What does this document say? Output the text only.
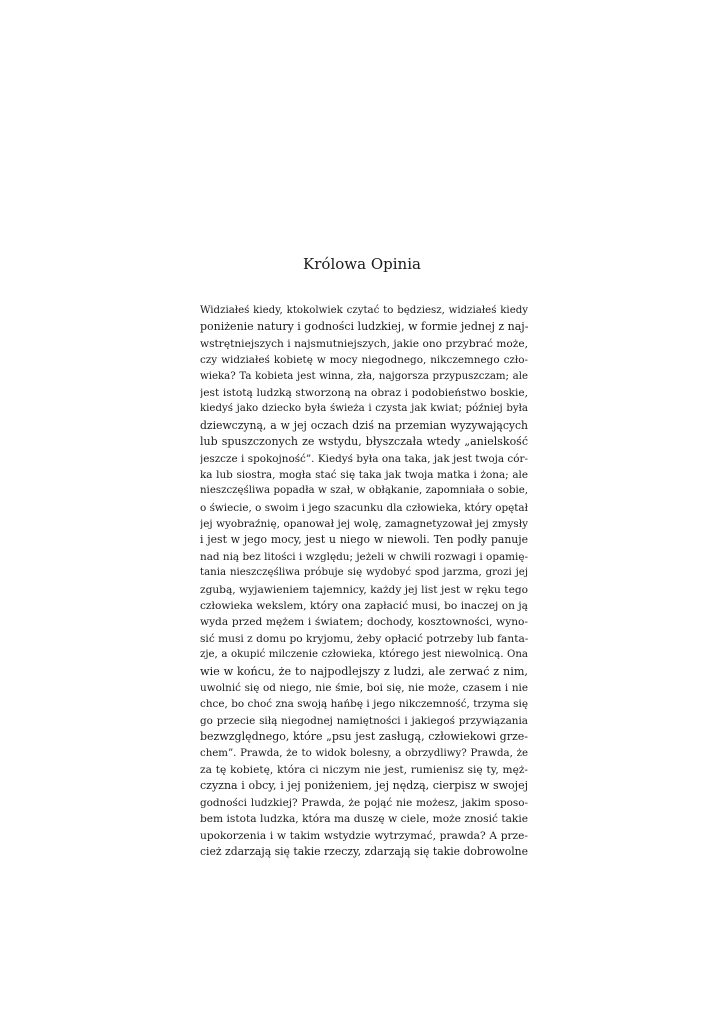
Królowa Opinia
Widziałeś kiedy, ktokolwiek czytać to będziesz, widziałeś kiedy
poniżenie natury i godności ludzkiej, w formie jednej z naj-
wstrętniejszych i najsmutniejszych, jakie ono przybrać może,
czy widziałeś kobietę w mocy niegodnego, nikczemnego czło-
wieka? Ta kobieta jest winna, zła, najgorsza przypuszczam; ale
jest istotą ludzką stworzoną na obraz i podobieństwo boskie,
kiedyś jako dziecko była świeża i czysta jak kwiat; później była
dziewczyną, a w jej oczach dziś na przemian wyzywających
lub spuszczonych ze wstydu, błyszczała wtedy „anielskość
jeszcze i spokojność”. Kiedyś była ona taka, jak jest twoja cór-
ka lub siostra, mogła stać się taka jak twoja matka i żona; ale
nieszczęśliwa popadła w szał, w obłąkanie, zapomniała o sobie,
o świecie, o swoim i jego szacunku dla człowieka, który opętał
jej wyobraźnię, opanował jej wolę, zamagnetyzował jej zmysły
i jest w jego mocy, jest u niego w niewoli. Ten podły panuje
nad nią bez litości i względu; jeżeli w chwili rozwagi i opamię-
tania nieszczęśliwa próbuje się wydobyć spod jarzma, grozi jej
zgubą, wyjawieniem tajemnicy, każdy jej list jest w ręku tego
człowieka wekslem, który ona zapłacić musi, bo inaczej on ją
wyda przed mężem i światem; dochody, kosztowności, wyno-
sić musi z domu po kryjomu, żeby opłacić potrzeby lub fanta-
zje, a okupić milczenie człowieka, którego jest niewolnicą. Ona
wie w końcu, że to najpodlejszy z ludzi, ale zerwać z nim,
uwolnić się od niego, nie śmie, boi się, nie może, czasem i nie
chce, bo choć zna swoją hańbę i jego nikczemność, trzyma się
go przecie siłą niegodnej namiętności i jakiegoś przywiązania
bezwzględnego, które „psu jest zasługą, człowiekowi grze-
chem”. Prawda, że to widok bolesny, a obrzydliwy? Prawda, że
za tę kobietę, która ci niczym nie jest, rumienisz się ty, męż-
czyzna i obcy, i jej poniżeniem, jej nędzą, cierpisz w swojej
godności ludzkiej? Prawda, że pojąć nie możesz, jakim sposo-
bem istota ludzka, która ma duszę w ciele, może znosić takie
upokorzenia i w takim wstydzie wytrzymać, prawda? A prze-
cież zdarzają się takie rzeczy, zdarzają się takie dobrowolne
